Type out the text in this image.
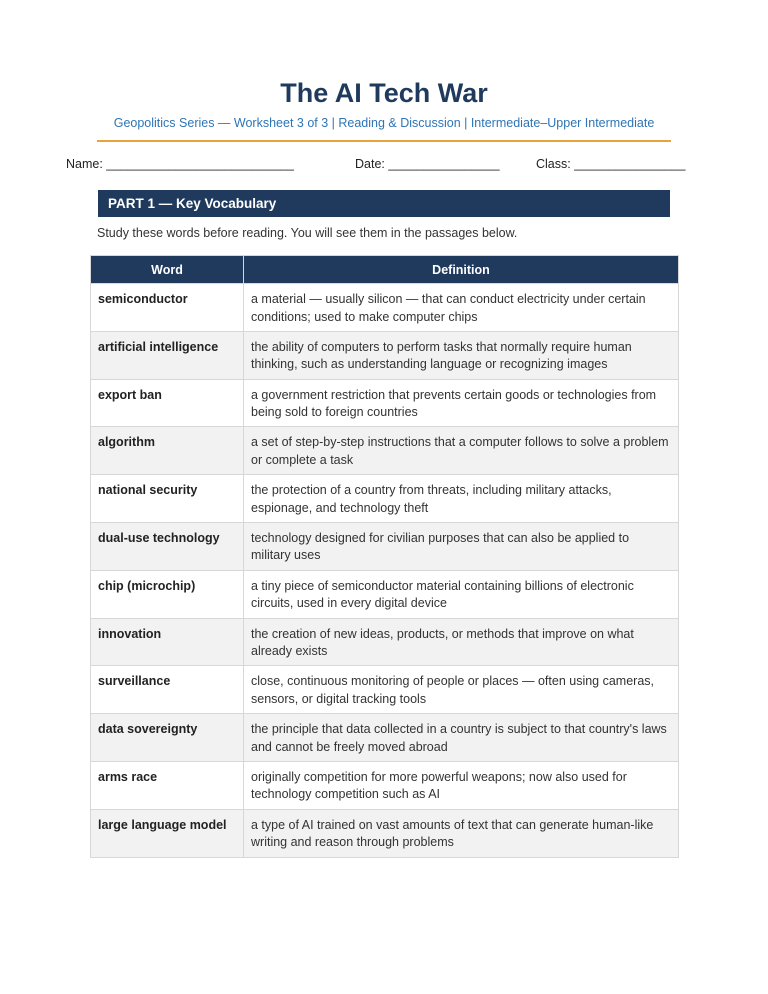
The AI Tech War
Geopolitics Series — Worksheet 3 of 3 | Reading & Discussion | Intermediate–Upper Intermediate
Name: ___________________________	Date: ________________	Class: ________________
PART 1 — Key Vocabulary
Study these words before reading. You will see them in the passages below.
Word	Definition
semiconductor	a material — usually silicon — that can conduct electricity under certain conditions; used to make computer chips
artificial intelligence	the ability of computers to perform tasks that normally require human thinking, such as understanding language or recognizing images
export ban	a government restriction that prevents certain goods or technologies from being sold to foreign countries
algorithm	a set of step-by-step instructions that a computer follows to solve a problem or complete a task
national security	the protection of a country from threats, including military attacks, espionage, and technology theft
dual-use technology	technology designed for civilian purposes that can also be applied to military uses
chip (microchip)	a tiny piece of semiconductor material containing billions of electronic circuits, used in every digital device
innovation	the creation of new ideas, products, or methods that improve on what already exists
surveillance	close, continuous monitoring of people or places — often using cameras, sensors, or digital tracking tools
data sovereignty	the principle that data collected in a country is subject to that country's laws and cannot be freely moved abroad
arms race	originally competition for more powerful weapons; now also used for technology competition such as AI
large language model	a type of AI trained on vast amounts of text that can generate human-like writing and reason through problems
